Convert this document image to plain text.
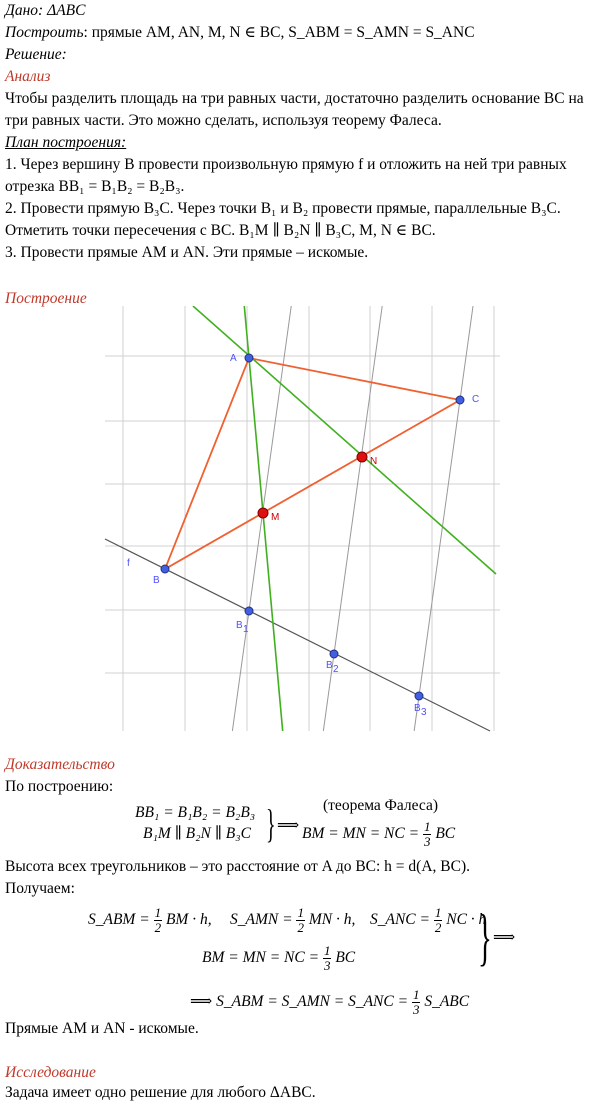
Дано: ΔABC
Построить: прямые AM, AN, M, N ∈ BC, S_ABM = S_AMN = S_ANC
Решение:
Анализ
Чтобы разделить площадь на три равных части, достаточно разделить основание BC на три равных части. Это можно сделать, используя теорему Фалеса.
План построения:
1. Через вершину B провести произвольную прямую f и отложить на ней три равных отрезка BB₁ = B₁B₂ = B₂B₃.
2. Провести прямую B₃C. Через точки B₁ и B₂ провести прямые, параллельные B₃C. Отметить точки пересечения с BC. B₁M ∥ B₂N ∥ B₃C, M, N ∈ BC.
3. Провести прямые AM и AN. Эти прямые – искомые.
Построение
A
B
C
M
N
f
B 1
B 2
B 3
Доказательство
По построению:
BB₁ = B₁B₂ = B₂B₃
B₁M ∥ B₂N ∥ B₃C } ⟹
(теорема Фалеса)
BM = MN = NC = $\frac{1}{3}$ BC
Высота всех треугольников – это расстояние от A до BC: h = d(A, BC).
Получаем:
S_ABM = $\frac{1}{2}$ BM · h, S_AMN = $\frac{1}{2}$ MN · h, S_ANC = $\frac{1}{2}$ NC · h
BM = MN = NC = $\frac{1}{3}$ BC } ⟹
⟹ S_ABM = S_AMN = S_ANC = $\frac{1}{3}$ S_ABC
Прямые AM и AN - искомые.
Исследование
Задача имеет одно решение для любого ΔABC.
